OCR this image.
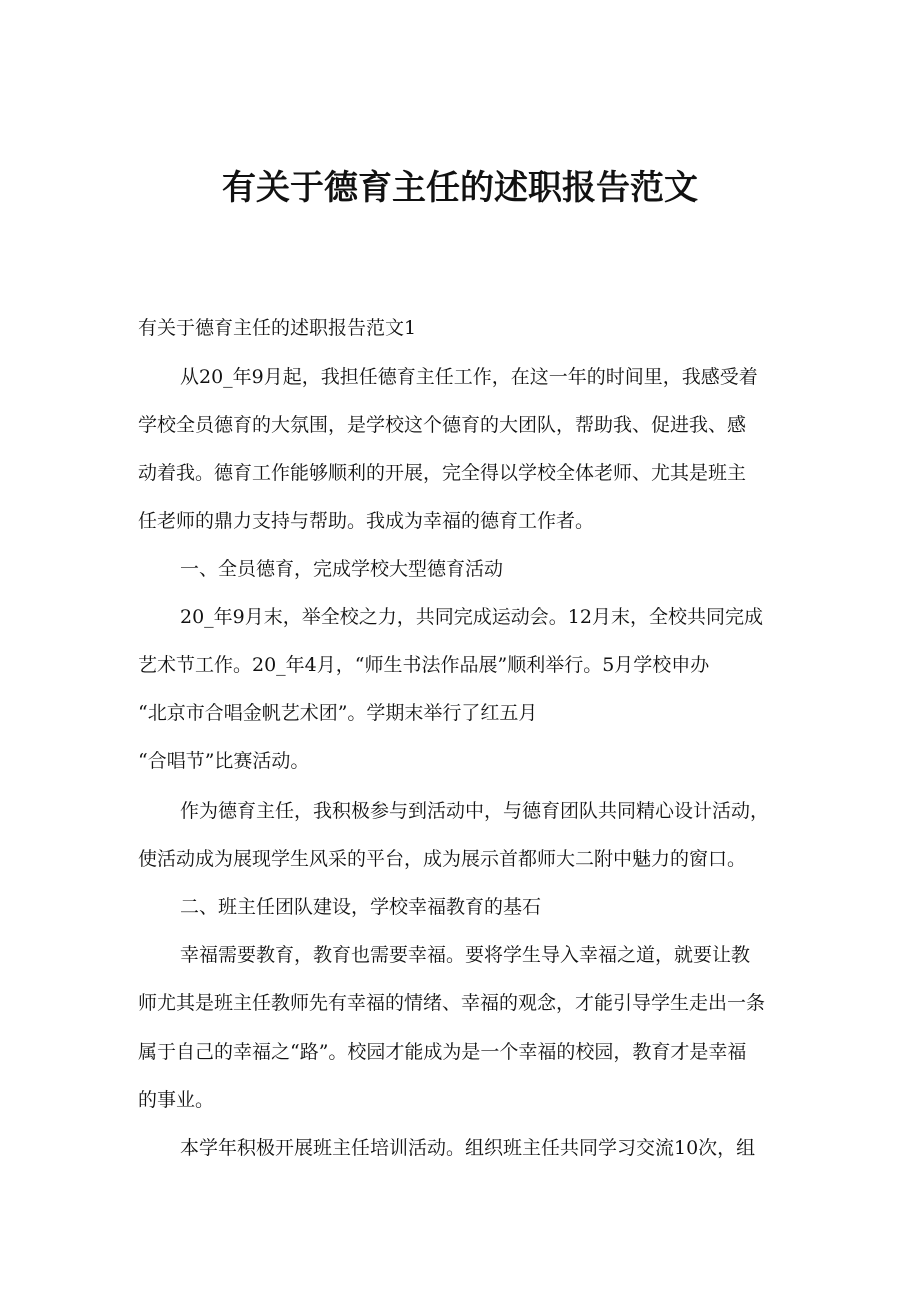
有关于德育主任的述职报告范文

有关于德育主任的述职报告范文1

从20_年9月起，我担任德育主任工作，在这一年的时间里，我感受着

学校全员德育的大氛围，是学校这个德育的大团队，帮助我、促进我、感

动着我。德育工作能够顺利的开展，完全得以学校全体老师、尤其是班主

任老师的鼎力支持与帮助。我成为幸福的德育工作者。

一、全员德育，完成学校大型德育活动

20_年9月末，举全校之力，共同完成运动会。12月末，全校共同完成

艺术节工作。20_年4月，“师生书法作品展”顺利举行。5月学校申办

“北京市合唱金帆艺术团”。学期末举行了红五月

“合唱节”比赛活动。

作为德育主任，我积极参与到活动中，与德育团队共同精心设计活动，

使活动成为展现学生风采的平台，成为展示首都师大二附中魅力的窗口。

二、班主任团队建设，学校幸福教育的基石

幸福需要教育，教育也需要幸福。要将学生导入幸福之道，就要让教

师尤其是班主任教师先有幸福的情绪、幸福的观念，才能引导学生走出一条

属于自己的幸福之“路”。校园才能成为是一个幸福的校园，教育才是幸福

的事业。

本学年积极开展班主任培训活动。组织班主任共同学习交流10次，组
